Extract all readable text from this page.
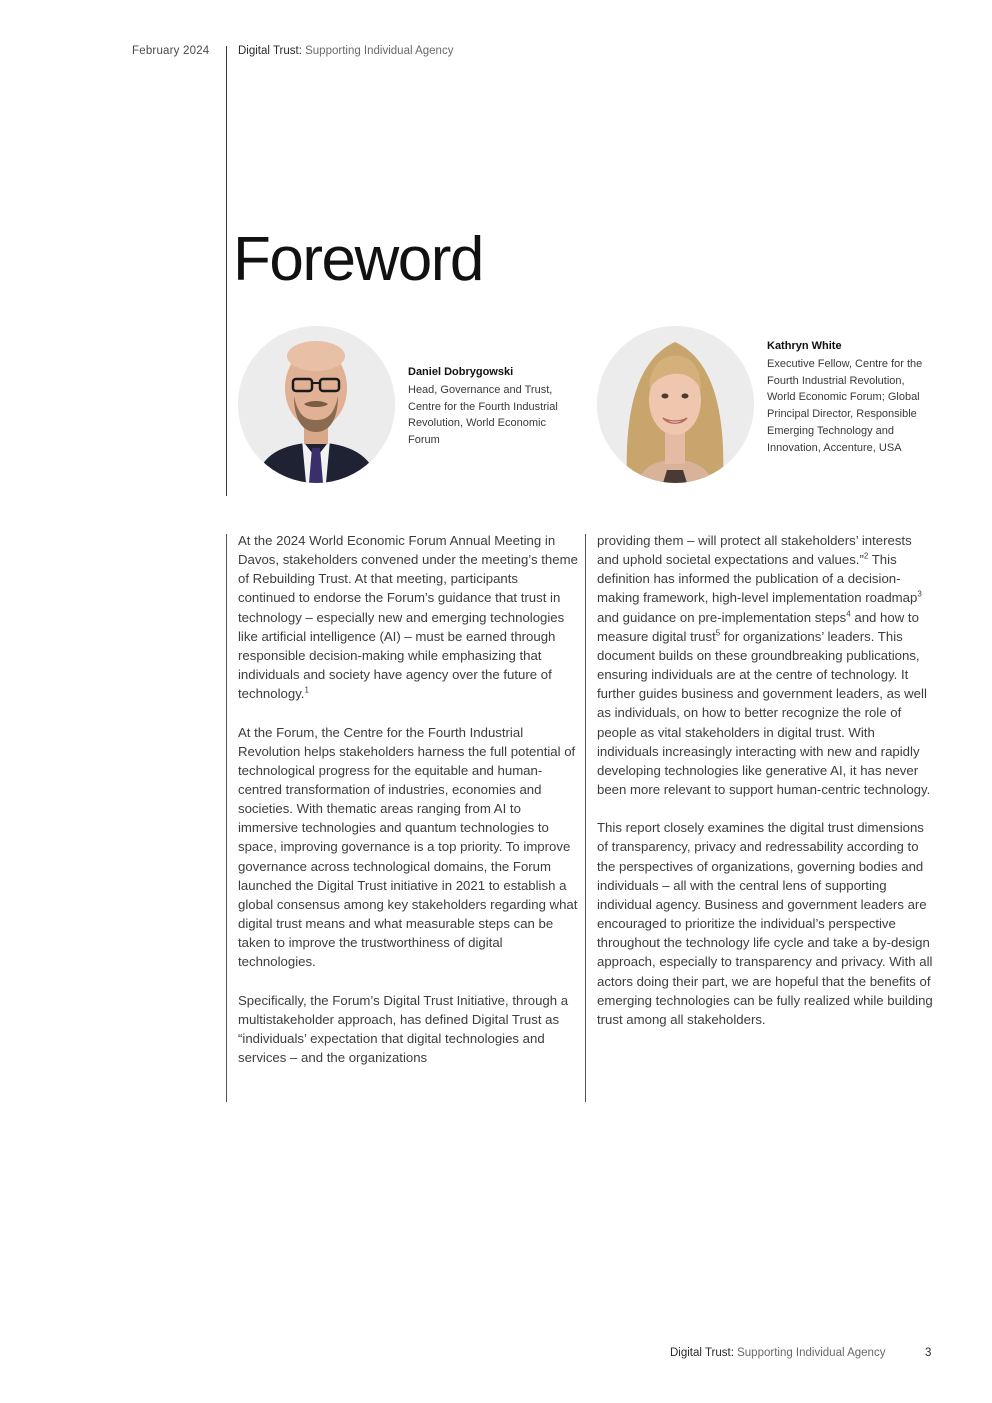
February 2024 Digital Trust: Supporting Individual Agency
Foreword
Daniel Dobrygowski
Head, Governance and Trust, Centre for the Fourth Industrial Revolution, World Economic Forum
Kathryn White
Executive Fellow, Centre for the Fourth Industrial Revolution, World Economic Forum; Global Principal Director, Responsible Emerging Technology and Innovation, Accenture, USA

At the 2024 World Economic Forum Annual Meeting in Davos, stakeholders convened under the meeting’s theme of Rebuilding Trust. At that meeting, participants continued to endorse the Forum’s guidance that trust in technology – especially new and emerging technologies like artificial intelligence (AI) – must be earned through responsible decision-making while emphasizing that individuals and society have agency over the future of technology.$^1$

At the Forum, the Centre for the Fourth Industrial Revolution helps stakeholders harness the full potential of technological progress for the equitable and human-centred transformation of industries, economies and societies. With thematic areas ranging from AI to immersive technologies and quantum technologies to space, improving governance is a top priority. To improve governance across technological domains, the Forum launched the Digital Trust initiative in 2021 to establish a global consensus among key stakeholders regarding what digital trust means and what measurable steps can be taken to improve the trustworthiness of digital technologies.

Specifically, the Forum’s Digital Trust Initiative, through a multistakeholder approach, has defined Digital Trust as “individuals’ expectation that digital technologies and services – and the organizations

providing them – will protect all stakeholders’ interests and uphold societal expectations and values.”$^2$ This definition has informed the publication of a decision-making framework, high-level implementation roadmap$^3$ and guidance on pre-implementation steps$^4$ and how to measure digital trust$^5$ for organizations’ leaders. This document builds on these groundbreaking publications, ensuring individuals are at the centre of technology. It further guides business and government leaders, as well as individuals, on how to better recognize the role of people as vital stakeholders in digital trust. With individuals increasingly interacting with new and rapidly developing technologies like generative AI, it has never been more relevant to support human-centric technology.

This report closely examines the digital trust dimensions of transparency, privacy and redressability according to the perspectives of organizations, governing bodies and individuals – all with the central lens of supporting individual agency. Business and government leaders are encouraged to prioritize the individual’s perspective throughout the technology life cycle and take a by-design approach, especially to transparency and privacy. With all actors doing their part, we are hopeful that the benefits of emerging technologies can be fully realized while building trust among all stakeholders.

Digital Trust: Supporting Individual Agency	3
